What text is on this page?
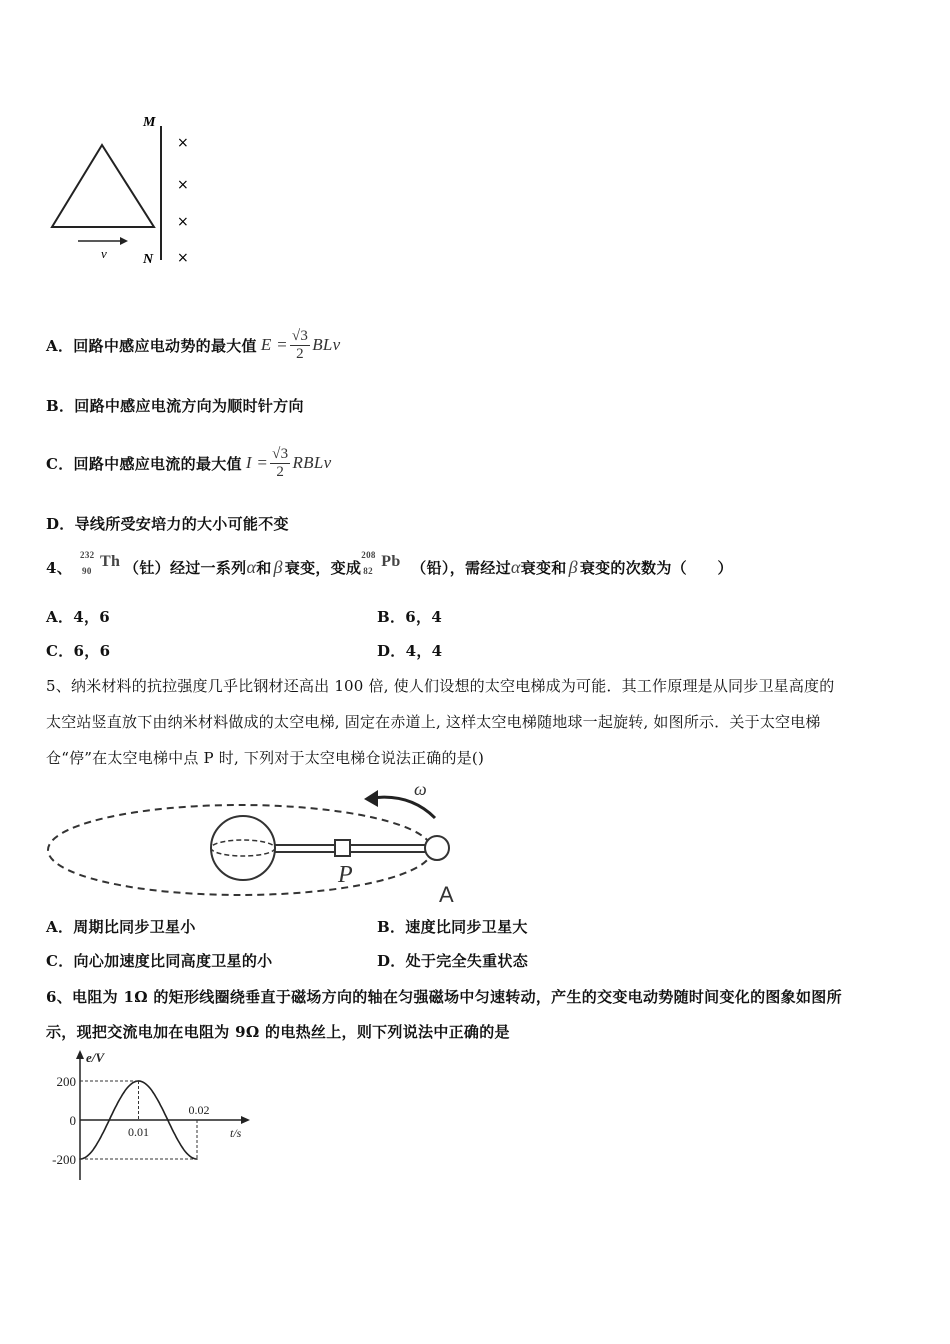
M
N
×
×
×
×
v
A．回路中感应电动势的最大值 $E = \frac{√3}{2}$ BLv
B．回路中感应电流方向为顺时针方向
C．回路中感应电流的最大值 $I = \frac{√3}{2}$ RBLv
D．导线所受安培力的大小可能不变
4、
232
90
Th （钍）经过一系列 α 和 β 衰变，变成
208
82
Pb （铅），需经过 α 衰变和 β 衰变的次数为（　　）
A．4，6	B．6，4
C．6，6	D．4，4
5、纳米材料的抗拉强度几乎比钢材还高出 100 倍, 使人们设想的太空电梯成为可能．其工作原理是从同步卫星高度的
太空站竖直放下由纳米材料做成的太空电梯, 固定在赤道上, 这样太空电梯随地球一起旋转, 如图所示．关于太空电梯
仓“停”在太空电梯中点 P 时, 下列对于太空电梯仓说法正确的是()
ω
P
A
A．周期比同步卫星小	B．速度比同步卫星大
C．向心加速度比同高度卫星的小	D．处于完全失重状态
6、电阻为 1Ω 的矩形线圈绕垂直于磁场方向的轴在匀强磁场中匀速转动，产生的交变电动势随时间变化的图象如图所
示，现把交流电加在电阻为 9Ω 的电热丝上，则下列说法中正确的是
e/V
t/s
200
0
-200
0.01
0.02
